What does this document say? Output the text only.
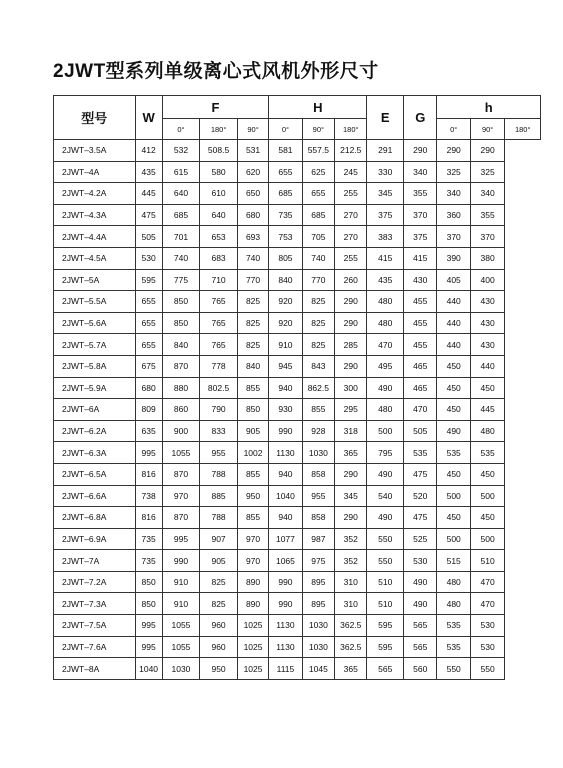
2JWT型系列单级离心式风机外形尺寸
型号	W	F			H			E	G	h		
		0°	180°	90°	0°	90°	180°			0°	90°	180°
2JWT–3.5A	412	532	508.5	531	581	557.5	212.5	291	290	290	290	
2JWT–4A	435	615	580	620	655	625	245	330	340	325	325	
2JWT–4.2A	445	640	610	650	685	655	255	345	355	340	340	
2JWT–4.3A	475	685	640	680	735	685	270	375	370	360	355	
2JWT–4.4A	505	701	653	693	753	705	270	383	375	370	370	
2JWT–4.5A	530	740	683	740	805	740	255	415	415	390	380	
2JWT–5A	595	775	710	770	840	770	260	435	430	405	400	
2JWT–5.5A	655	850	765	825	920	825	290	480	455	440	430	
2JWT–5.6A	655	850	765	825	920	825	290	480	455	440	430	
2JWT–5.7A	655	840	765	825	910	825	285	470	455	440	430	
2JWT–5.8A	675	870	778	840	945	843	290	495	465	450	440	
2JWT–5.9A	680	880	802.5	855	940	862.5	300	490	465	450	450	
2JWT–6A	809	860	790	850	930	855	295	480	470	450	445	
2JWT–6.2A	635	900	833	905	990	928	318	500	505	490	480	
2JWT–6.3A	995	1055	955	1002	1130	1030	365	795	535	535	535	
2JWT–6.5A	816	870	788	855	940	858	290	490	475	450	450	
2JWT–6.6A	738	970	885	950	1040	955	345	540	520	500	500	
2JWT–6.8A	816	870	788	855	940	858	290	490	475	450	450	
2JWT–6.9A	735	995	907	970	1077	987	352	550	525	500	500	
2JWT–7A	735	990	905	970	1065	975	352	550	530	515	510	
2JWT–7.2A	850	910	825	890	990	895	310	510	490	480	470	
2JWT–7.3A	850	910	825	890	990	895	310	510	490	480	470	
2JWT–7.5A	995	1055	960	1025	1130	1030	362.5	595	565	535	530	
2JWT–7.6A	995	1055	960	1025	1130	1030	362.5	595	565	535	530	
2JWT–8A	1040	1030	950	1025	1115	1045	365	565	560	550	550	
